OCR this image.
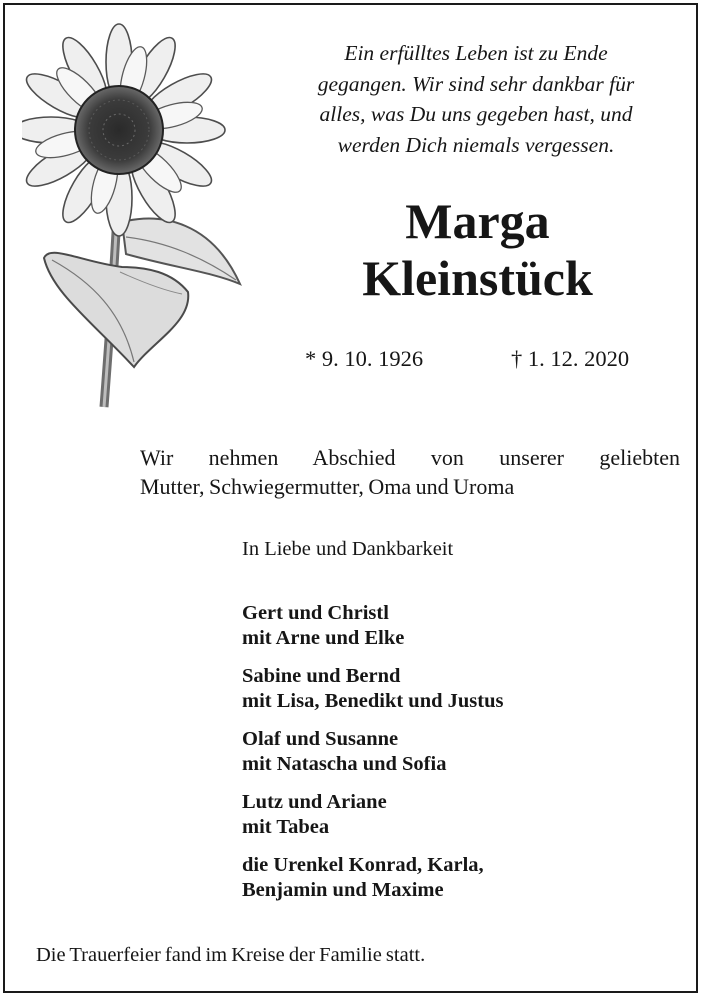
Ein erfülltes Leben ist zu Ende
gegangen. Wir sind sehr dankbar für
alles, was Du uns gegeben hast, und
werden Dich niemals vergessen.
Marga
Kleinstück
* 9. 10. 1926	† 1. 12. 2020
Wir nehmen Abschied von unserer geliebten
Mutter, Schwiegermutter, Oma und Uroma
In Liebe und Dankbarkeit
Gert und Christl
mit Arne und Elke
Sabine und Bernd
mit Lisa, Benedikt und Justus
Olaf und Susanne
mit Natascha und Sofia
Lutz und Ariane
mit Tabea
die Urenkel Konrad, Karla,
Benjamin und Maxime
Die Trauerfeier fand im Kreise der Familie statt.
